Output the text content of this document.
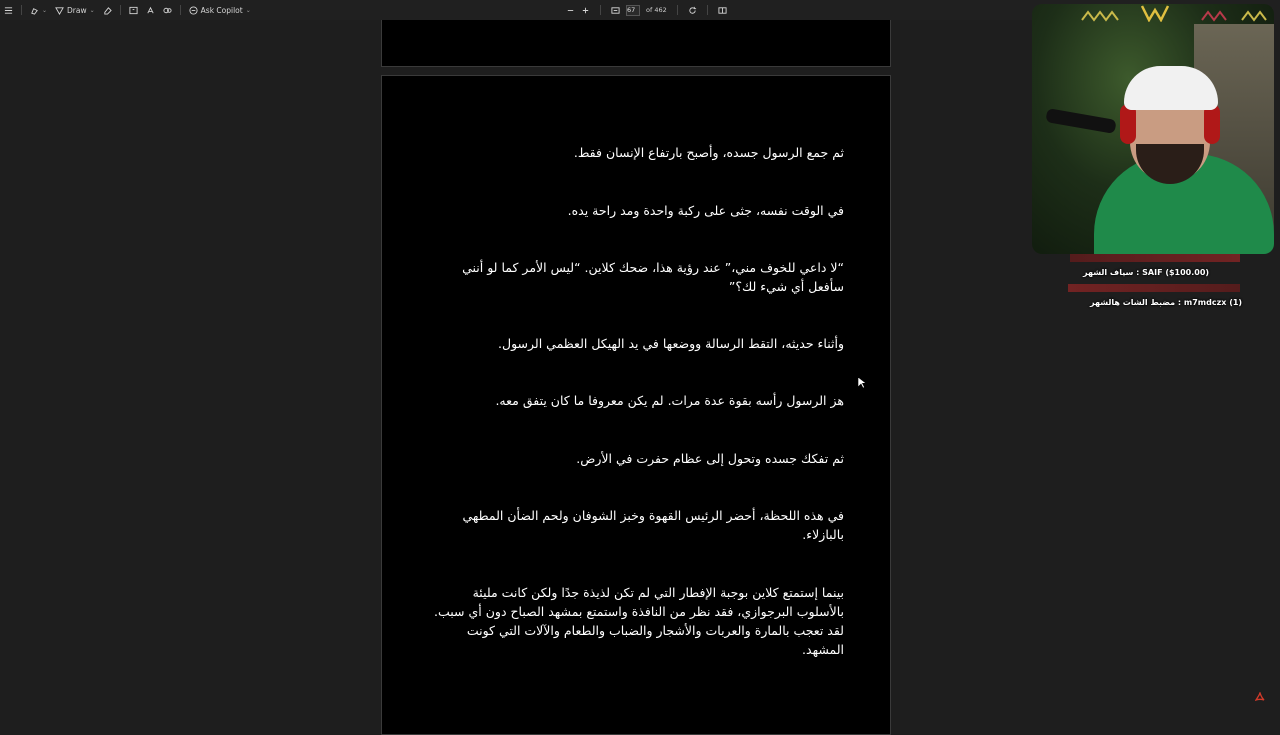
⌄	Draw ⌄	Ask Copilot ⌄
67	of 462

ثم جمع الرسول جسده، وأصبح بارتفاع الإنسان فقط.

في الوقت نفسه، جثى على ركبة واحدة ومد راحة يده.

“لا داعي للخوف مني،” عند رؤية هذا، ضحك كلاين. “ليس الأمر كما لو أنني سأفعل أي شيء لك؟”

وأثناء حديثه، التقط الرسالة ووضعها في يد الهيكل العظمي الرسول.

هز الرسول رأسه بقوة عدة مرات. لم يكن معروفا ما كان يتفق معه.

ثم تفكك جسده وتحول إلى عظام حفرت في الأرض.

في هذه اللحظة، أحضر الرئيس القهوة وخبز الشوفان ولحم الضأن المطهي بالبازلاء.

بينما إستمتع كلاين بوجبة الإفطار التي لم تكن لذيذة جدًا ولكن كانت مليئة بالأسلوب البرجوازي، فقد نظر من النافذة واستمتع بمشهد الصباح دون أي سبب. لقد تعجب بالمارة والعربات والأشجار والضباب والطعام والآلات التي كونت المشهد.

SAIF ($100.00) : سياف الشهر
m7mdczx (1) : مضبط الشات هالشهر
